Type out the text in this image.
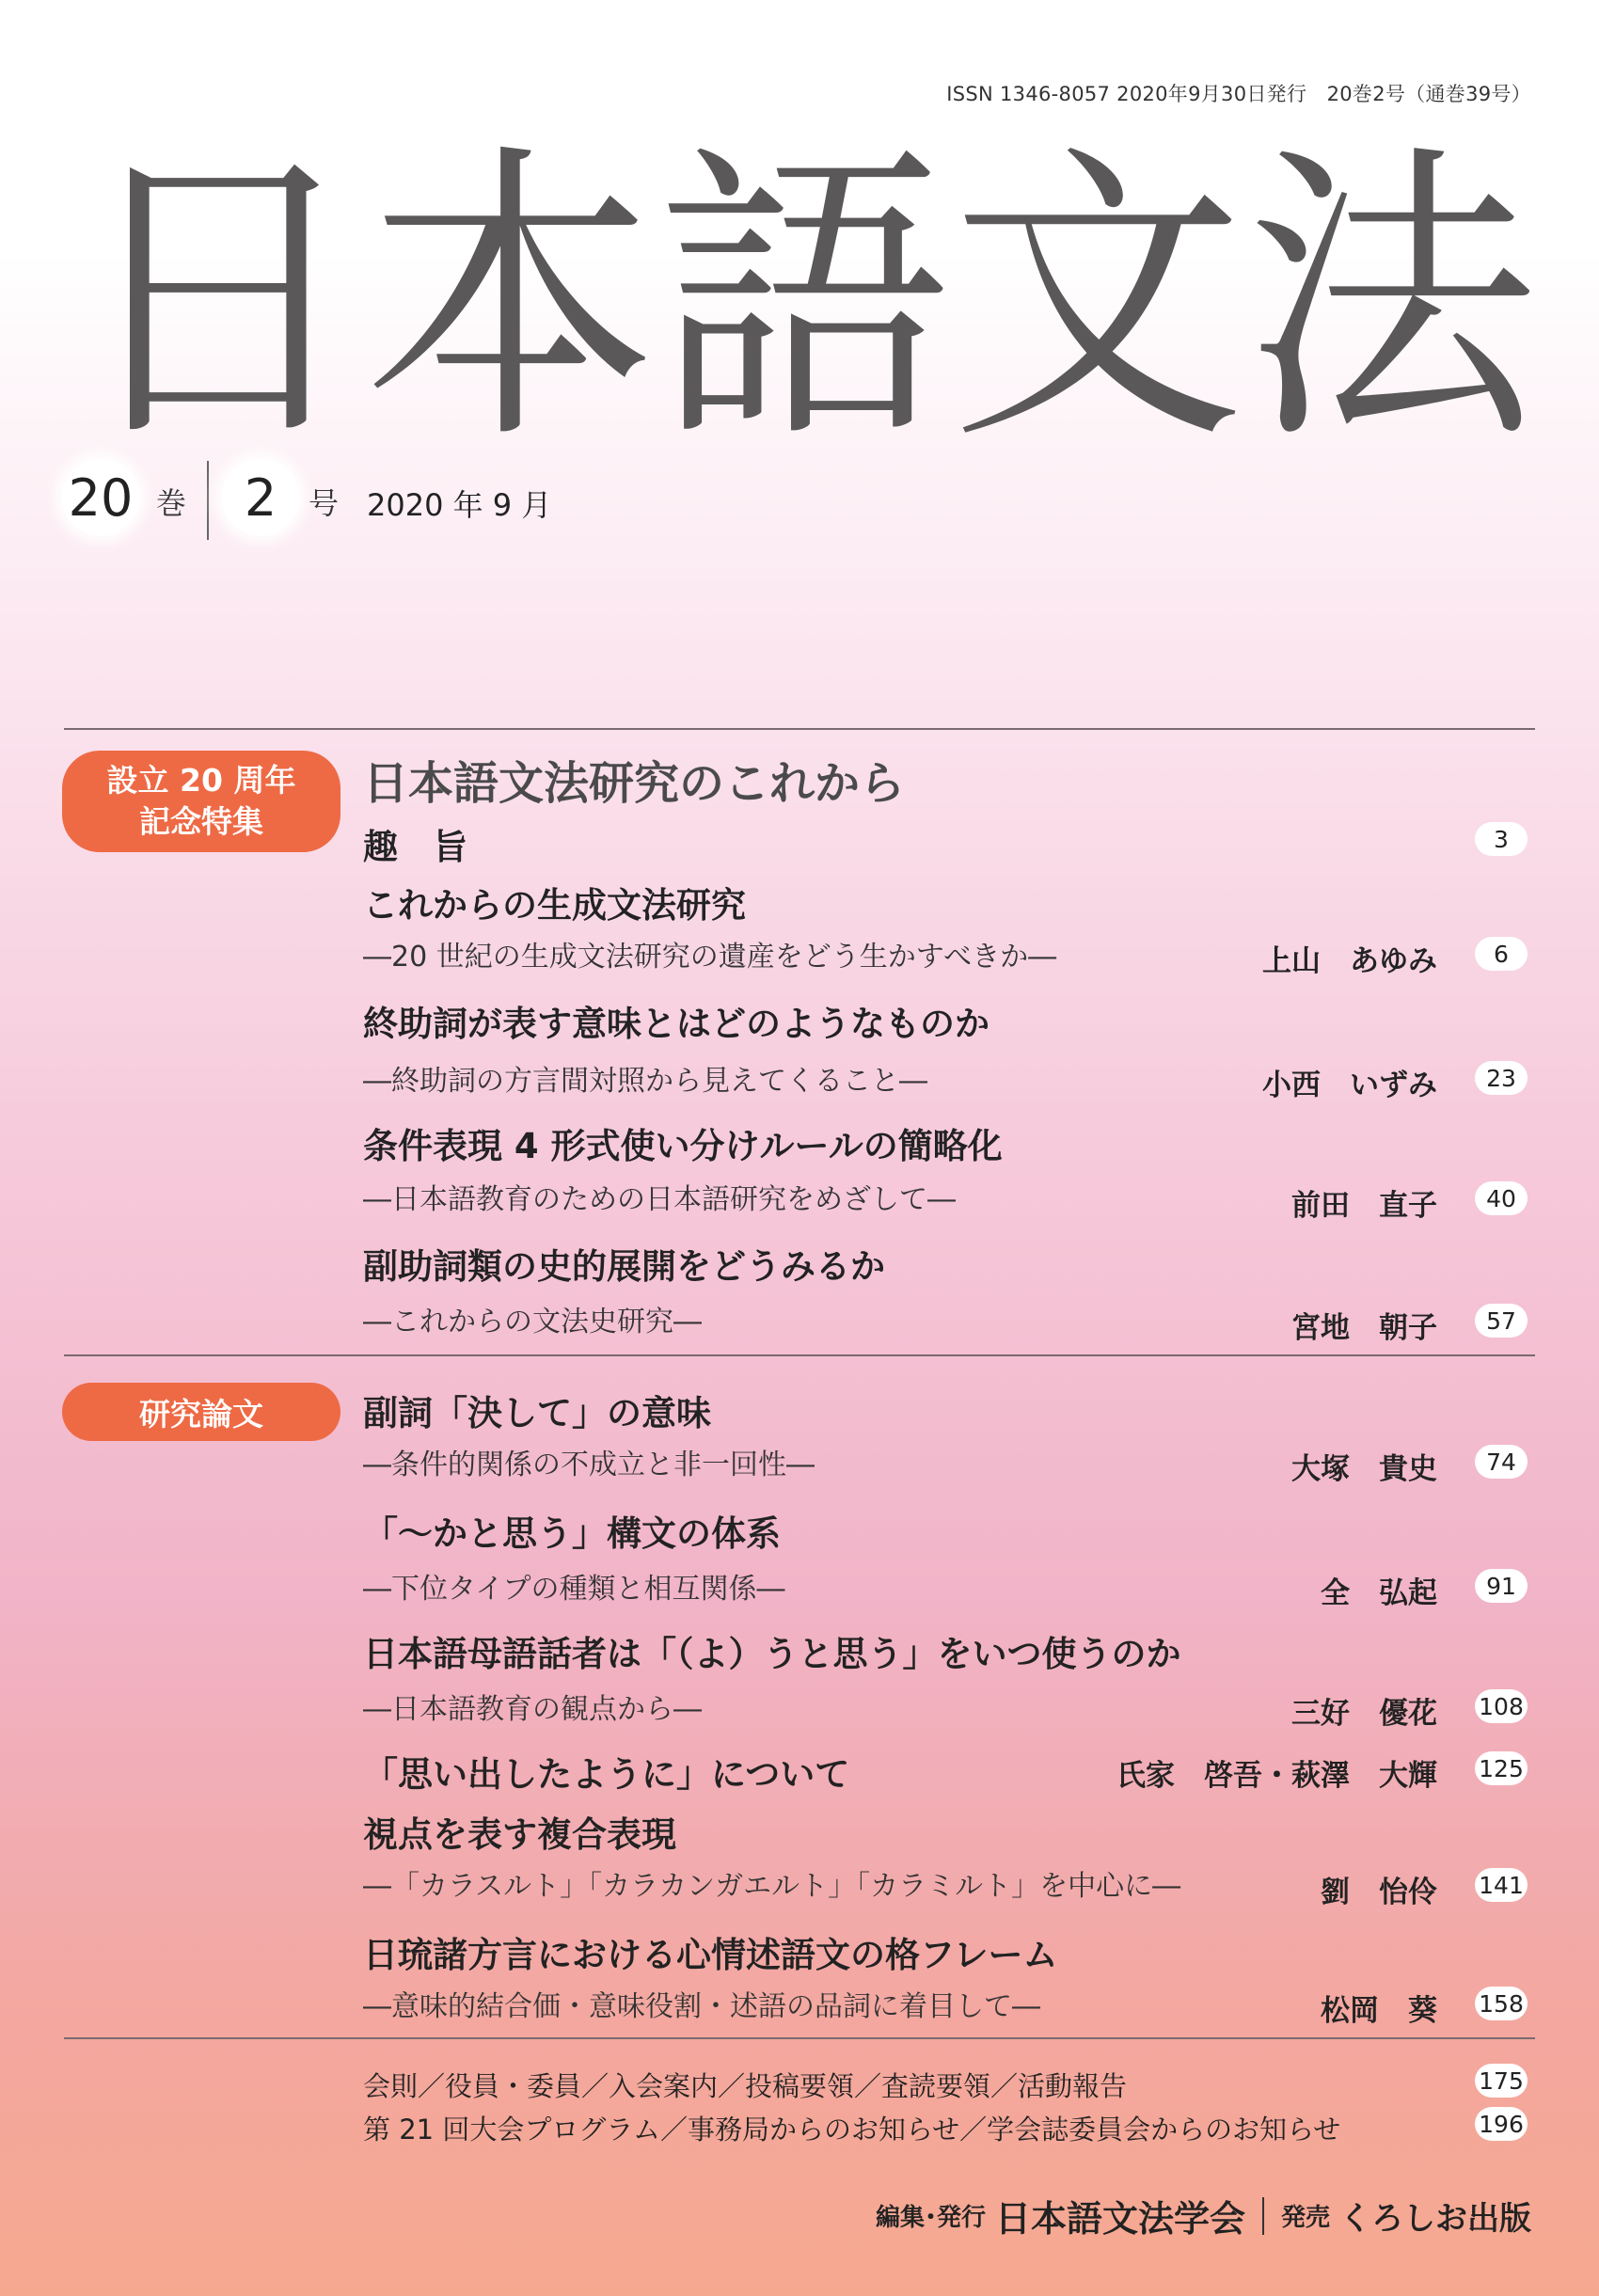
ISSN 1346-8057 2020年9月30日発行　20巻2号（通巻39号）
日本語文法
20 巻	2	号 2020 年 9 月
設立 20 周年
記念特集
日本語文法研究のこれから
趣　旨	3
これからの生成文法研究
―20 世紀の生成文法研究の遺産をどう生かすべきか―	上山　あゆみ	6
終助詞が表す意味とはどのようなものか
―終助詞の方言間対照から見えてくること―	小西　いずみ	23
条件表現 4 形式使い分けルールの簡略化
―日本語教育のための日本語研究をめざして―	前田　直子	40
副助詞類の史的展開をどうみるか
―これからの文法史研究―	宮地　朝子	57
研究論文	副詞「決して」の意味
―条件的関係の不成立と非一回性―	大塚　貴史	74
「〜かと思う」構文の体系
―下位タイプの種類と相互関係―	全　弘起	91
日本語母語話者は「（よ）うと思う」をいつ使うのか
―日本語教育の観点から―	三好　優花 108
「思い出したように」について	氏家　啓吾・萩澤　大輝 125
視点を表す複合表現
―「カラスルト」「カラカンガエルト」「カラミルト」を中心に―	劉　怡伶 141
日琉諸方言における心情述語文の格フレーム
―意味的結合価・意味役割・述語の品詞に着目して―	松岡　葵 158
会則／役員・委員／入会案内／投稿要領／査読要領／活動報告	175
第 21 回大会プログラム／事務局からのお知らせ／学会誌委員会からのお知らせ	196
編集･発行 日本語文法学会 発売 くろしお出版
